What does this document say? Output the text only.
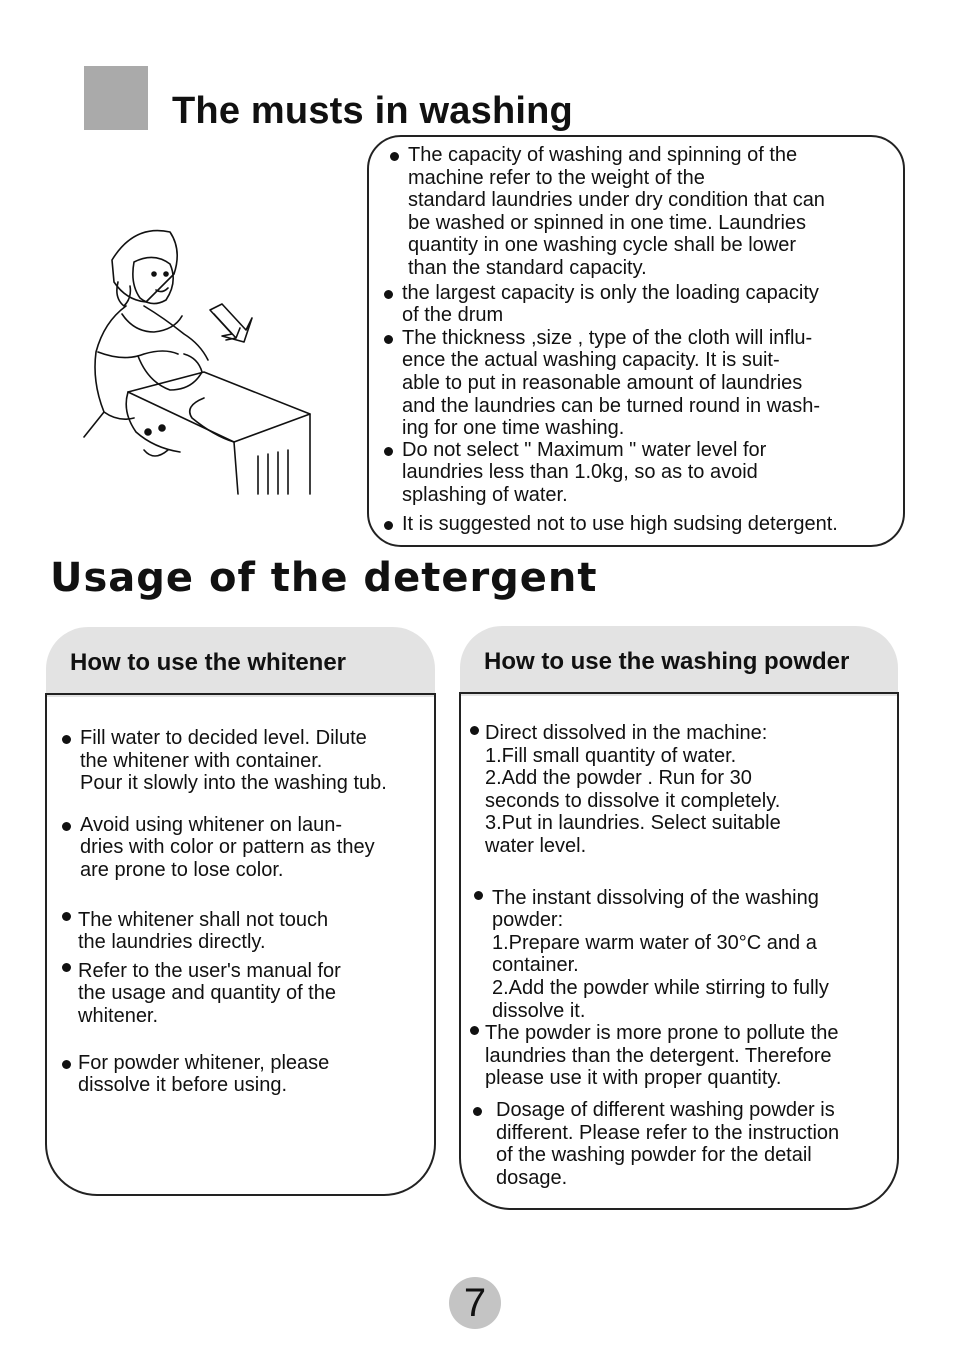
The musts in washing
The capacity of washing and spinning of the
machine refer to the weight of the
standard laundries under dry condition that can
be washed or spinned in one time. Laundries
quantity in one washing cycle shall be lower
than the standard capacity.
the largest capacity is only the loading capacity
of the drum
The thickness ,size , type of the cloth will influ-
ence the actual washing capacity. It is suit-
able to put in reasonable amount of laundries
and the laundries can be turned round in wash-
ing for one time washing.
Do not select " Maximum " water level for
laundries less than 1.0kg, so as to avoid
splashing of water.
It is suggested not to use high sudsing detergent.
Usage of the detergent
How to use the whitener
Fill water to decided level. Dilute
the whitener with container.
Pour it slowly into the washing tub.
Avoid using whitener on laun-
dries with color or pattern as they
are prone to lose color.
The whitener shall not touch
the laundries directly.
Refer to the user's manual for
the usage and quantity of the
whitener.
For powder whitener, please
dissolve it before using.
How to use the washing powder
Direct dissolved in the machine:
1.Fill small quantity of water.
2.Add the powder . Run for 30
seconds to dissolve it completely.
3.Put in laundries. Select suitable
water level.
The instant dissolving of the washing
powder:
1.Prepare warm water of 30°C and a
container.
2.Add the powder while stirring to fully
dissolve it.
The powder is more prone to pollute the
laundries than the detergent. Therefore
please use it with proper quantity.
Dosage of different washing powder is
different. Please refer to the instruction
of the washing powder for the detail
dosage.
7
